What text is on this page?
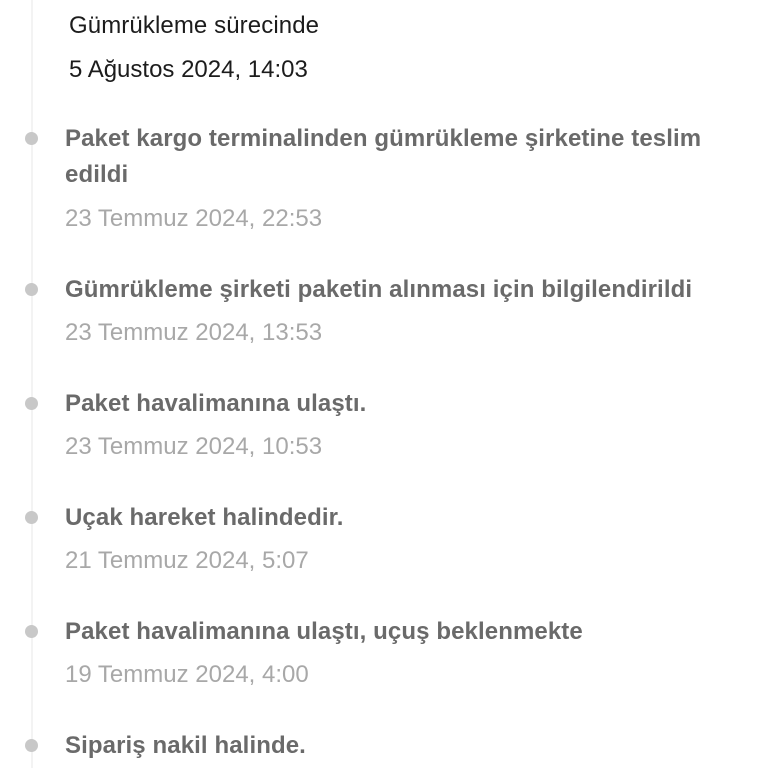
Gümrükleme sürecinde
5 Ağustos 2024, 14:03
Paket kargo terminalinden gümrükleme şirketine teslim edildi
23 Temmuz 2024, 22:53
Gümrükleme şirketi paketin alınması için bilgilendirildi
23 Temmuz 2024, 13:53
Paket havalimanına ulaştı.
23 Temmuz 2024, 10:53
Uçak hareket halindedir.
21 Temmuz 2024, 5:07
Paket havalimanına ulaştı, uçuş beklenmekte
19 Temmuz 2024, 4:00
Sipariş nakil halinde.
